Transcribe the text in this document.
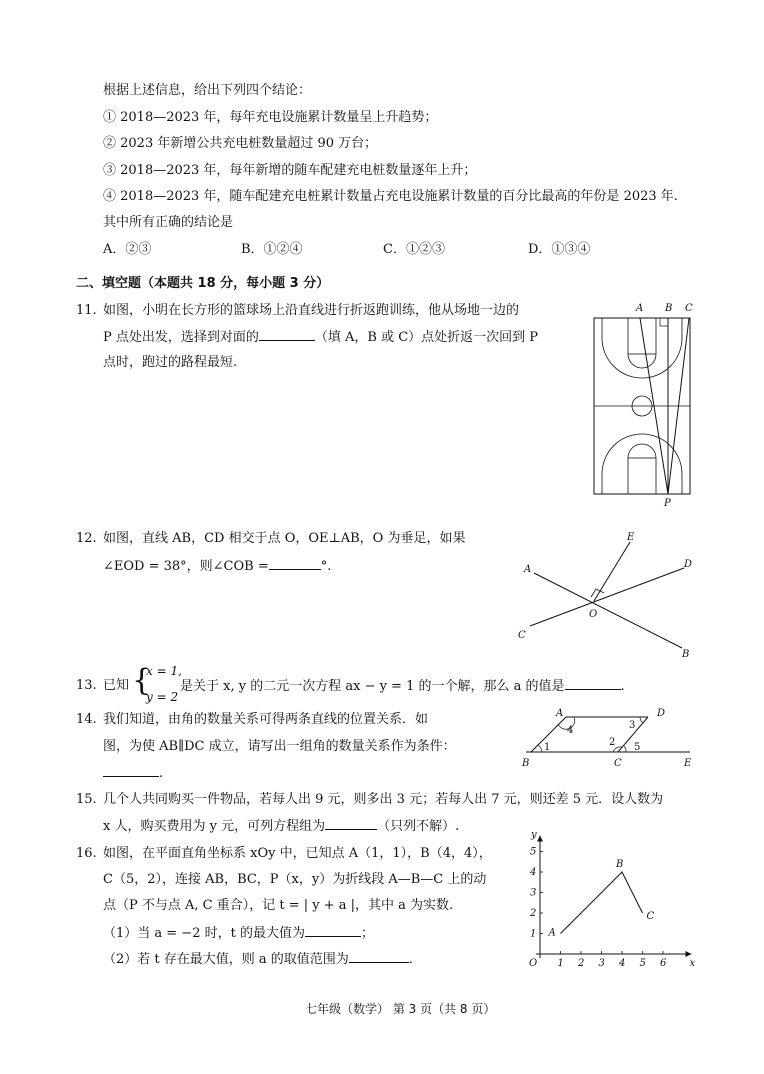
根据上述信息，给出下列四个结论：
① 2018—2023 年，每年充电设施累计数量呈上升趋势；
② 2023 年新增公共充电桩数量超过 90 万台；
③ 2018—2023 年，每年新增的随车配建充电桩数量逐年上升；
④ 2018—2023 年，随车配建充电桩累计数量占充电设施累计数量的百分比最高的年份是 2023 年.
其中所有正确的结论是
A．②③	B．①②④	C．①②③	D．①③④
二、填空题（本题共 18 分，每小题 3 分）
11. 如图，小明在长方形的篮球场上沿直线进行折返跑训练，他从场地一边的
P 点处出发，选择到对面的	（填 A，B 或 C）点处折返一次回到 P
点时，跑过的路程最短.
A B C
P
12. 如图，直线 AB，CD 相交于点 O，OE⊥AB，O 为垂足，如果
∠EOD = 38°，则∠COB =	°.	A
B
C
D
E
O
13. 已知 {
x = 1,
y = 2
是关于 x, y 的二元一次方程 ax − y = 1 的一个解，那么 a 的值是	.
14. 我们知道，由角的数量关系可得两条直线的位置关系．如
图，为使 AB∥DC 成立，请写出一组角的数量关系作为条件：
.
A
B	C
D
E
1	2
3
4
5
15. 几个人共同购买一件物品，若每人出 9 元，则多出 3 元；若每人出 7 元，则还差 5 元．设人数为
x 人，购买费用为 y 元，可列方程组为	（只列不解）.
16. 如图，在平面直角坐标系 xOy 中，已知点 A（1，1），B（4，4），
C（5，2），连接 AB，BC，P（x，y）为折线段 A—B—C 上的动
点（P 不与点 A, C 重合），记 t = | y + a |，其中 a 为实数.
（1）当 a = −2 时，t 的最大值为	；
（2）若 t 存在最大值，则 a 的取值范围为	.	x
y
O 1 2 3 4 5 6
1
2
3
4
5
A
B
C
七年级（数学） 第 3 页（共 8 页）
